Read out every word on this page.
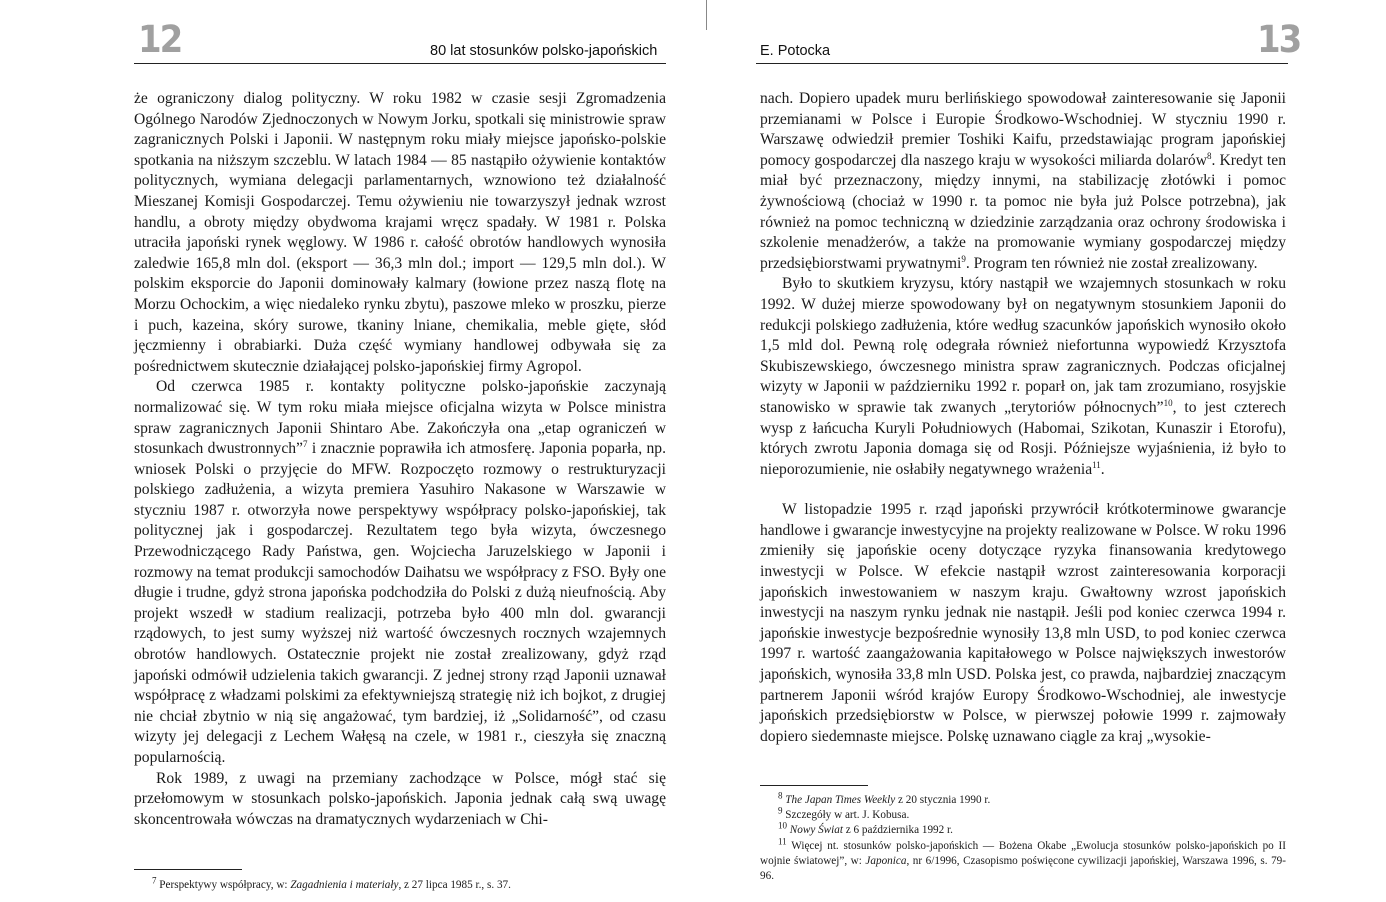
12	80 lat stosunków polsko-japońskich

że ograniczony dialog polityczny. W roku 1982 w czasie sesji Zgromadzenia Ogólnego Narodów Zjednoczonych w Nowym Jorku, spotkali się ministrowie spraw zagranicznych Polski i Japonii. W następnym roku miały miejsce japońsko-polskie spotkania na niższym szczeblu. W latach 1984 — 85 nastąpiło ożywienie kontaktów politycznych, wymiana delegacji parlamentarnych, wznowiono też działalność Mieszanej Komisji Gospodarczej. Temu ożywieniu nie towarzyszył jednak wzrost handlu, a obroty między obydwoma krajami wręcz spadały. W 1981 r. Polska utraciła japoński rynek węglowy. W 1986 r. całość obrotów handlowych wynosiła zaledwie 165,8 mln dol. (eksport — 36,3 mln dol.; import — 129,5 mln dol.). W polskim eksporcie do Japonii dominowały kalmary (łowione przez naszą flotę na Morzu Ochockim, a więc niedaleko rynku zbytu), paszowe mleko w proszku, pierze i puch, kazeina, skóry surowe, tkaniny lniane, chemikalia, meble gięte, słód jęczmienny i obrabiarki. Duża część wymiany handlowej odbywała się za pośrednictwem skutecznie działającej polsko-japońskiej firmy Agropol.

Od czerwca 1985 r. kontakty polityczne polsko-japońskie zaczynają normalizować się. W tym roku miała miejsce oficjalna wizyta w Polsce ministra spraw zagranicznych Japonii Shintaro Abe. Zakończyła ona „etap ograniczeń w stosunkach dwustronnych”$^7$ i znacznie poprawiła ich atmosferę. Japonia poparła, np. wniosek Polski o przyjęcie do MFW. Rozpoczęto rozmowy o restrukturyzacji polskiego zadłużenia, a wizyta premiera Yasuhiro Nakasone w Warszawie w styczniu 1987 r. otworzyła nowe perspektywy współpracy polsko-japońskiej, tak politycznej jak i gospodarczej. Rezultatem tego była wizyta, ówczesnego Przewodniczącego Rady Państwa, gen. Wojciecha Jaruzelskiego w Japonii i rozmowy na temat produkcji samochodów Daihatsu we współpracy z FSO. Były one długie i trudne, gdyż strona japońska podchodziła do Polski z dużą nieufnością. Aby projekt wszedł w stadium realizacji, potrzeba było 400 mln dol. gwarancji rządowych, to jest sumy wyższej niż wartość ówczesnych rocznych wzajemnych obrotów handlowych. Ostatecznie projekt nie został zrealizowany, gdyż rząd japoński odmówił udzielenia takich gwarancji. Z jednej strony rząd Japonii uznawał współpracę z władzami polskimi za efektywniejszą strategię niż ich bojkot, z drugiej nie chciał zbytnio w nią się angażować, tym bardziej, iż „Solidarność”, od czasu wizyty jej delegacji z Lechem Wałęsą na czele, w 1981 r., cieszyła się znaczną popularnością.

Rok 1989, z uwagi na przemiany zachodzące w Polsce, mógł stać się przełomowym w stosunkach polsko-japońskich. Japonia jednak całą swą uwagę skoncentrowała wówczas na dramatycznych wydarzeniach w Chi-

$^7$ Perspektywy współpracy, w: Zagadnienia i materiały, z 27 lipca 1985 r., s. 37.

E. Potocka	13

nach. Dopiero upadek muru berlińskiego spowodował zainteresowanie się Japonii przemianami w Polsce i Europie Środkowo-Wschodniej. W styczniu 1990 r. Warszawę odwiedził premier Toshiki Kaifu, przedstawiając program japońskiej pomocy gospodarczej dla naszego kraju w wysokości miliarda dolarów$^8$. Kredyt ten miał być przeznaczony, między innymi, na stabilizację złotówki i pomoc żywnościową (chociaż w 1990 r. ta pomoc nie była już Polsce potrzebna), jak również na pomoc techniczną w dziedzinie zarządzania oraz ochrony środowiska i szkolenie menadżerów, a także na promowanie wymiany gospodarczej między przedsiębiorstwami prywatnymi$^9$. Program ten również nie został zrealizowany.

Było to skutkiem kryzysu, który nastąpił we wzajemnych stosunkach w roku 1992. W dużej mierze spowodowany był on negatywnym stosunkiem Japonii do redukcji polskiego zadłużenia, które według szacunków japońskich wynosiło około 1,5 mld dol. Pewną rolę odegrała również niefortunna wypowiedź Krzysztofa Skubiszewskiego, ówczesnego ministra spraw zagranicznych. Podczas oficjalnej wizyty w Japonii w październiku 1992 r. poparł on, jak tam zrozumiano, rosyjskie stanowisko w sprawie tak zwanych „terytoriów północnych”$^{10}$, to jest czterech wysp z łańcucha Kuryli Południowych (Habomai, Szikotan, Kunaszir i Etorofu), których zwrotu Japonia domaga się od Rosji. Późniejsze wyjaśnienia, iż było to nieporozumienie, nie osłabiły negatywnego wrażenia$^{11}$.

W listopadzie 1995 r. rząd japoński przywrócił krótkoterminowe gwarancje handlowe i gwarancje inwestycyjne na projekty realizowane w Polsce. W roku 1996 zmieniły się japońskie oceny dotyczące ryzyka finansowania kredytowego inwestycji w Polsce. W efekcie nastąpił wzrost zainteresowania korporacji japońskich inwestowaniem w naszym kraju. Gwałtowny wzrost japońskich inwestycji na naszym rynku jednak nie nastąpił. Jeśli pod koniec czerwca 1994 r. japońskie inwestycje bezpośrednie wynosiły 13,8 mln USD, to pod koniec czerwca 1997 r. wartość zaangażowania kapitałowego w Polsce największych inwestorów japońskich, wynosiła 33,8 mln USD. Polska jest, co prawda, najbardziej znaczącym partnerem Japonii wśród krajów Europy Środkowo-Wschodniej, ale inwestycje japońskich przedsiębiorstw w Polsce, w pierwszej połowie 1999 r. zajmowały dopiero siedemnaste miejsce. Polskę uznawano ciągle za kraj „wysokie-

$^8$ The Japan Times Weekly z 20 stycznia 1990 r.

$^9$ Szczegóły w art. J. Kobusa.

$^{10}$ Nowy Świat z 6 października 1992 r.

$^{11}$ Więcej nt. stosunków polsko-japońskich — Bożena Okabe „Ewolucja stosunków polsko-japońskich po II wojnie światowej”, w: Japonica, nr 6/1996, Czasopismo poświęcone cywilizacji japońskiej, Warszawa 1996, s. 79-96.
